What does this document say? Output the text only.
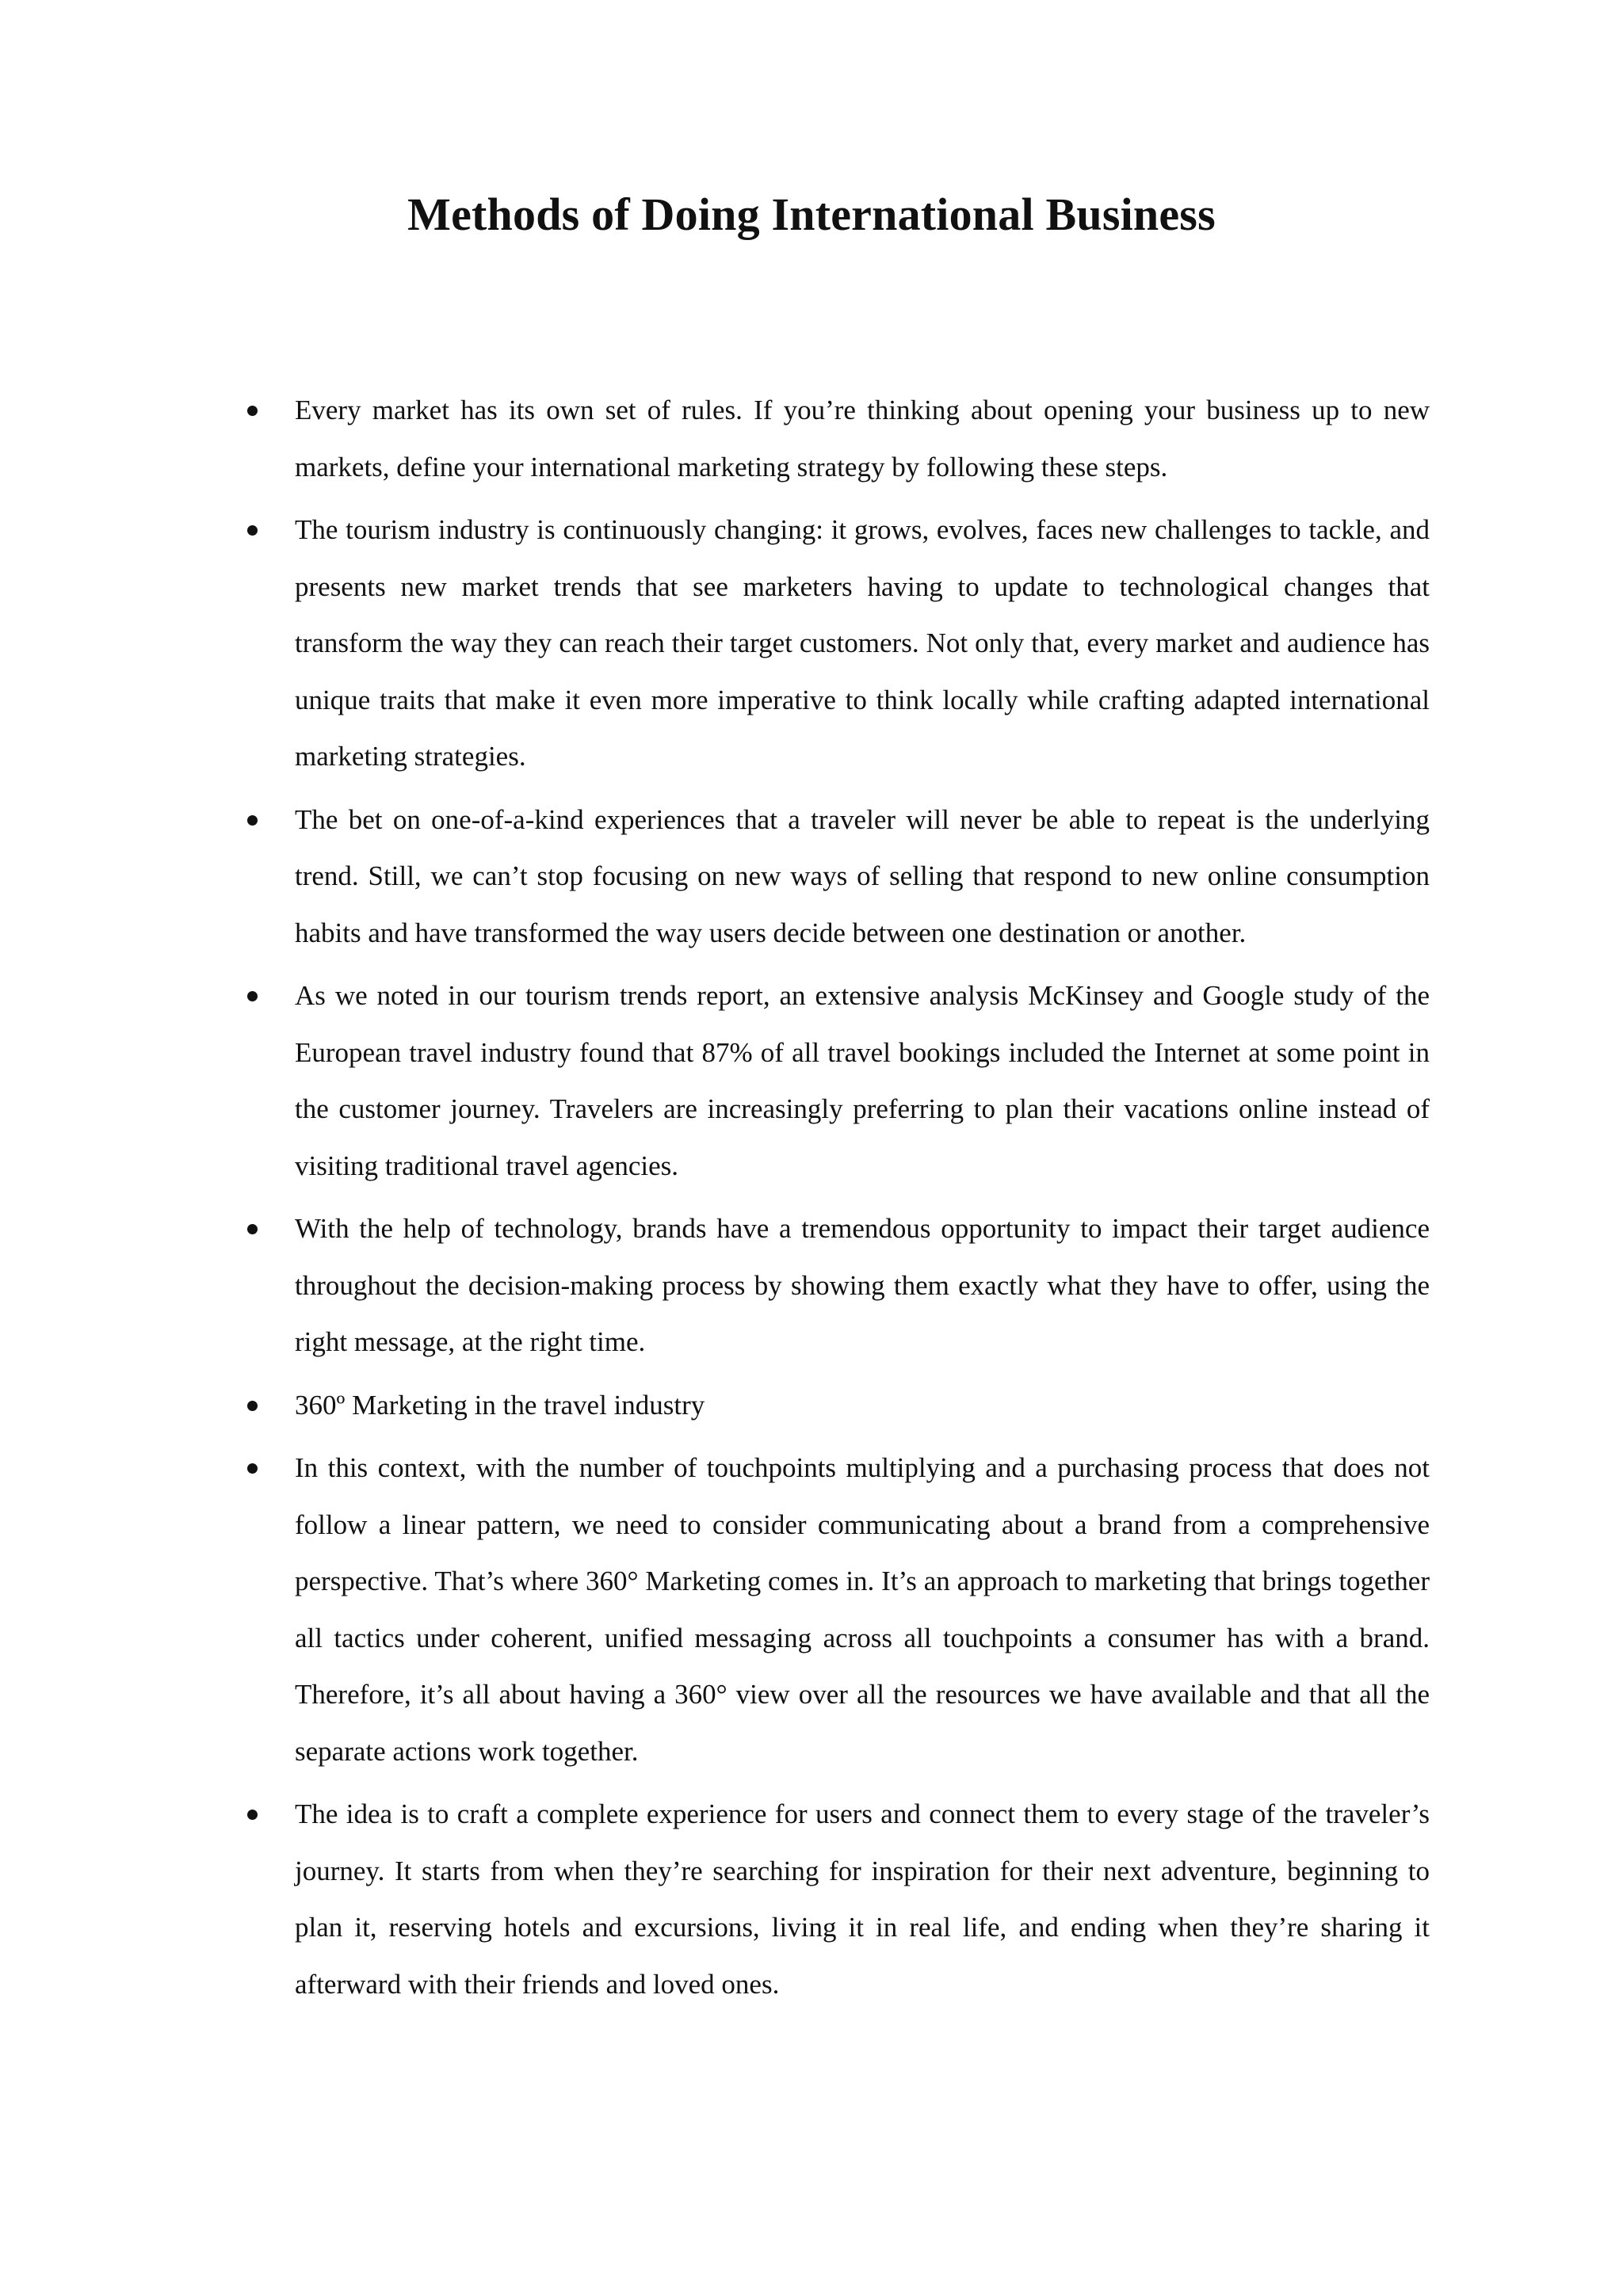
Methods of Doing International Business
Every market has its own set of rules. If you’re thinking about opening your business up to new markets, define your international marketing strategy by following these steps.
The tourism industry is continuously changing: it grows, evolves, faces new challenges to tackle, and presents new market trends that see marketers having to update to technological changes that transform the way they can reach their target customers. Not only that, every market and audience has unique traits that make it even more imperative to think locally while crafting adapted international marketing strategies.
The bet on one-of-a-kind experiences that a traveler will never be able to repeat is the underlying trend. Still, we can’t stop focusing on new ways of selling that respond to new online consumption habits and have transformed the way users decide between one destination or another.
As we noted in our tourism trends report, an extensive analysis McKinsey and Google study of the European travel industry found that 87% of all travel bookings included the Internet at some point in the customer journey. Travelers are increasingly preferring to plan their vacations online instead of visiting traditional travel agencies.
With the help of technology, brands have a tremendous opportunity to impact their target audience throughout the decision-making process by showing them exactly what they have to offer, using the right message, at the right time.
360º Marketing in the travel industry
In this context, with the number of touchpoints multiplying and a purchasing process that does not follow a linear pattern, we need to consider communicating about a brand from a comprehensive perspective. That’s where 360° Marketing comes in. It’s an approach to marketing that brings together all tactics under coherent, unified messaging across all touchpoints a consumer has with a brand. Therefore, it’s all about having a 360° view over all the resources we have available and that all the separate actions work together.
The idea is to craft a complete experience for users and connect them to every stage of the traveler’s journey. It starts from when they’re searching for inspiration for their next adventure, beginning to plan it, reserving hotels and excursions, living it in real life, and ending when they’re sharing it afterward with their friends and loved ones.
